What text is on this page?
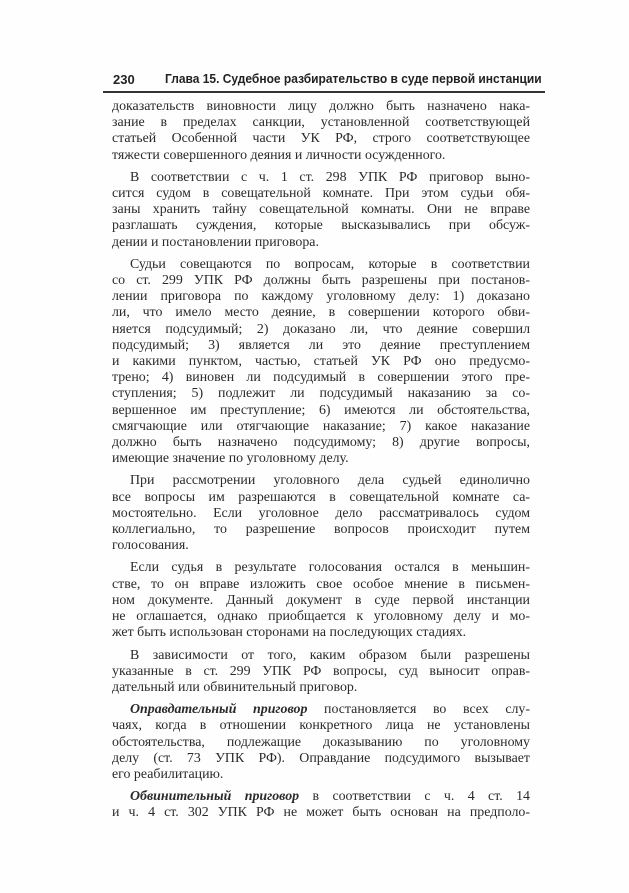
230 Глава 15. Судебное разбирательство в суде первой инстанции

доказательств виновности лицу должно быть назначено нака-
зание в пределах санкции, установленной соответствующей
статьей Особенной части УК РФ, строго соответствующее
тяжести совершенного деяния и личности осужденного.

В соответствии с ч. 1 ст. 298 УПК РФ приговор выно-
сится судом в совещательной комнате. При этом судьи обя-
заны хранить тайну совещательной комнаты. Они не вправе
разглашать суждения, которые высказывались при обсуж-
дении и постановлении приговора.

Судьи совещаются по вопросам, которые в соответствии
со ст. 299 УПК РФ должны быть разрешены при постанов-
лении приговора по каждому уголовному делу: 1) доказано
ли, что имело место деяние, в совершении которого обви-
няется подсудимый; 2) доказано ли, что деяние совершил
подсудимый; 3) является ли это деяние преступлением
и какими пунктом, частью, статьей УК РФ оно предусмо-
трено; 4) виновен ли подсудимый в совершении этого пре-
ступления; 5) подлежит ли подсудимый наказанию за со-
вершенное им преступление; 6) имеются ли обстоятельства,
смягчающие или отягчающие наказание; 7) какое наказание
должно быть назначено подсудимому; 8) другие вопросы,
имеющие значение по уголовному делу.

При рассмотрении уголовного дела судьей единолично
все вопросы им разрешаются в совещательной комнате са-
мостоятельно. Если уголовное дело рассматривалось судом
коллегиально, то разрешение вопросов происходит путем
голосования.

Если судья в результате голосования остался в меньшин-
стве, то он вправе изложить свое особое мнение в письмен-
ном документе. Данный документ в суде первой инстанции
не оглашается, однако приобщается к уголовному делу и мо-
жет быть использован сторонами на последующих стадиях.

В зависимости от того, каким образом были разрешены
указанные в ст. 299 УПК РФ вопросы, суд выносит оправ-
дательный или обвинительный приговор.

Оправдательный приговор постановляется во всех слу-
чаях, когда в отношении конкретного лица не установлены
обстоятельства, подлежащие доказыванию по уголовному
делу (ст. 73 УПК РФ). Оправдание подсудимого вызывает
его реабилитацию.

Обвинительный приговор в соответствии с ч. 4 ст. 14
и ч. 4 ст. 302 УПК РФ не может быть основан на предполо-
